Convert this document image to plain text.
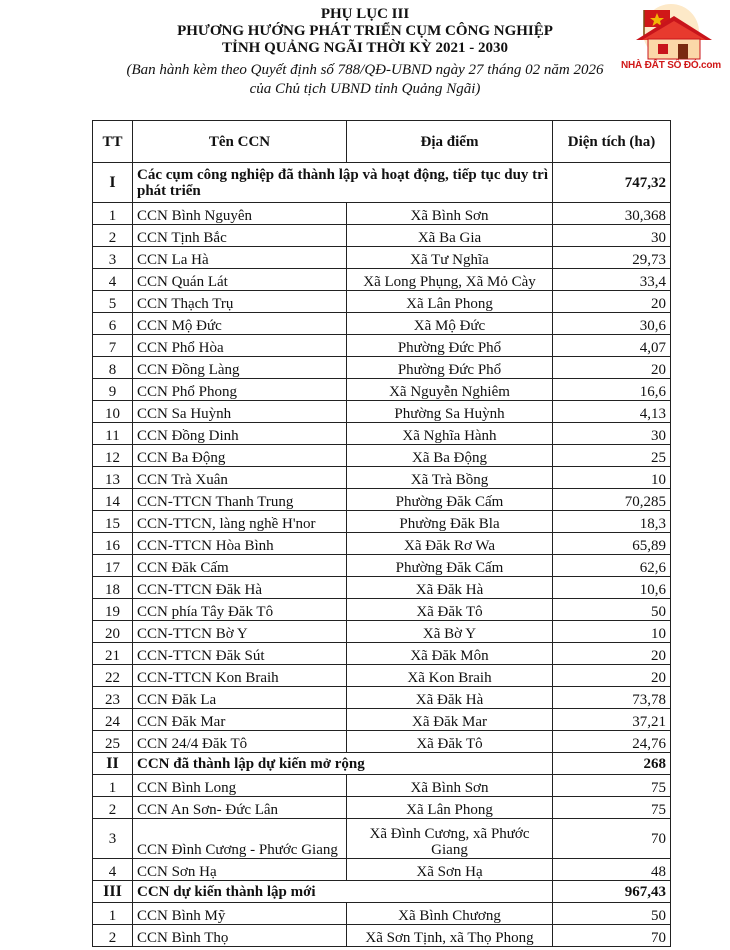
PHỤ LỤC III
PHƯƠNG HƯỚNG PHÁT TRIỂN CỤM CÔNG NGHIỆP
TỈNH QUẢNG NGÃI THỜI KỲ 2021 - 2030
(Ban hành kèm theo Quyết định số 788/QĐ-UBND ngày 27 tháng 02 năm 2026
của Chủ tịch UBND tỉnh Quảng Ngãi)
NHÀ ĐẤT SỐ ĐỎ.com
TT	Tên CCN	Địa điểm	Diện tích (ha)
I	Các cụm công nghiệp đã thành lập và hoạt động, tiếp tục duy trì phát triển		747,32
1	CCN Bình Nguyên	Xã Bình Sơn	30,368
2	CCN Tịnh Bắc	Xã Ba Gia	30
3	CCN La Hà	Xã Tư Nghĩa	29,73
4	CCN Quán Lát	Xã Long Phụng, Xã Mỏ Cày	33,4
5	CCN Thạch Trụ	Xã Lân Phong	20
6	CCN Mộ Đức	Xã Mộ Đức	30,6
7	CCN Phổ Hòa	Phường Đức Phổ	4,07
8	CCN Đồng Làng	Phường Đức Phổ	20
9	CCN Phổ Phong	Xã Nguyễn Nghiêm	16,6
10	CCN Sa Huỳnh	Phường Sa Huỳnh	4,13
11	CCN Đồng Dinh	Xã Nghĩa Hành	30
12	CCN Ba Động	Xã Ba Động	25
13	CCN Trà Xuân	Xã Trà Bồng	10
14	CCN-TTCN Thanh Trung	Phường Đăk Cấm	70,285
15	CCN-TTCN, làng nghề H'nor	Phường Đăk Bla	18,3
16	CCN-TTCN Hòa Bình	Xã Đăk Rơ Wa	65,89
17	CCN Đăk Cấm	Phường Đăk Cấm	62,6
18	CCN-TTCN Đăk Hà	Xã Đăk Hà	10,6
19	CCN phía Tây Đăk Tô	Xã Đăk Tô	50
20	CCN-TTCN Bờ Y	Xã Bờ Y	10
21	CCN-TTCN Đăk Sút	Xã Đăk Môn	20
22	CCN-TTCN Kon Braih	Xã Kon Braih	20
23	CCN Đăk La	Xã Đăk Hà	73,78
24	CCN Đăk Mar	Xã Đăk Mar	37,21
25	CCN 24/4 Đăk Tô	Xã Đăk Tô	24,76
II	CCN đã thành lập dự kiến mở rộng		268
1	CCN Bình Long	Xã Bình Sơn	75
2	CCN An Sơn- Đức Lân	Xã Lân Phong	75
3	CCN Đình Cương - Phước Giang	Xã Đình Cương, xã Phước Giang	70
4	CCN Sơn Hạ	Xã Sơn Hạ	48
III	CCN dự kiến thành lập mới		967,43
1	CCN Bình Mỹ	Xã Bình Chương	50
2	CCN Bình Thọ	Xã Sơn Tịnh, xã Thọ Phong	70
